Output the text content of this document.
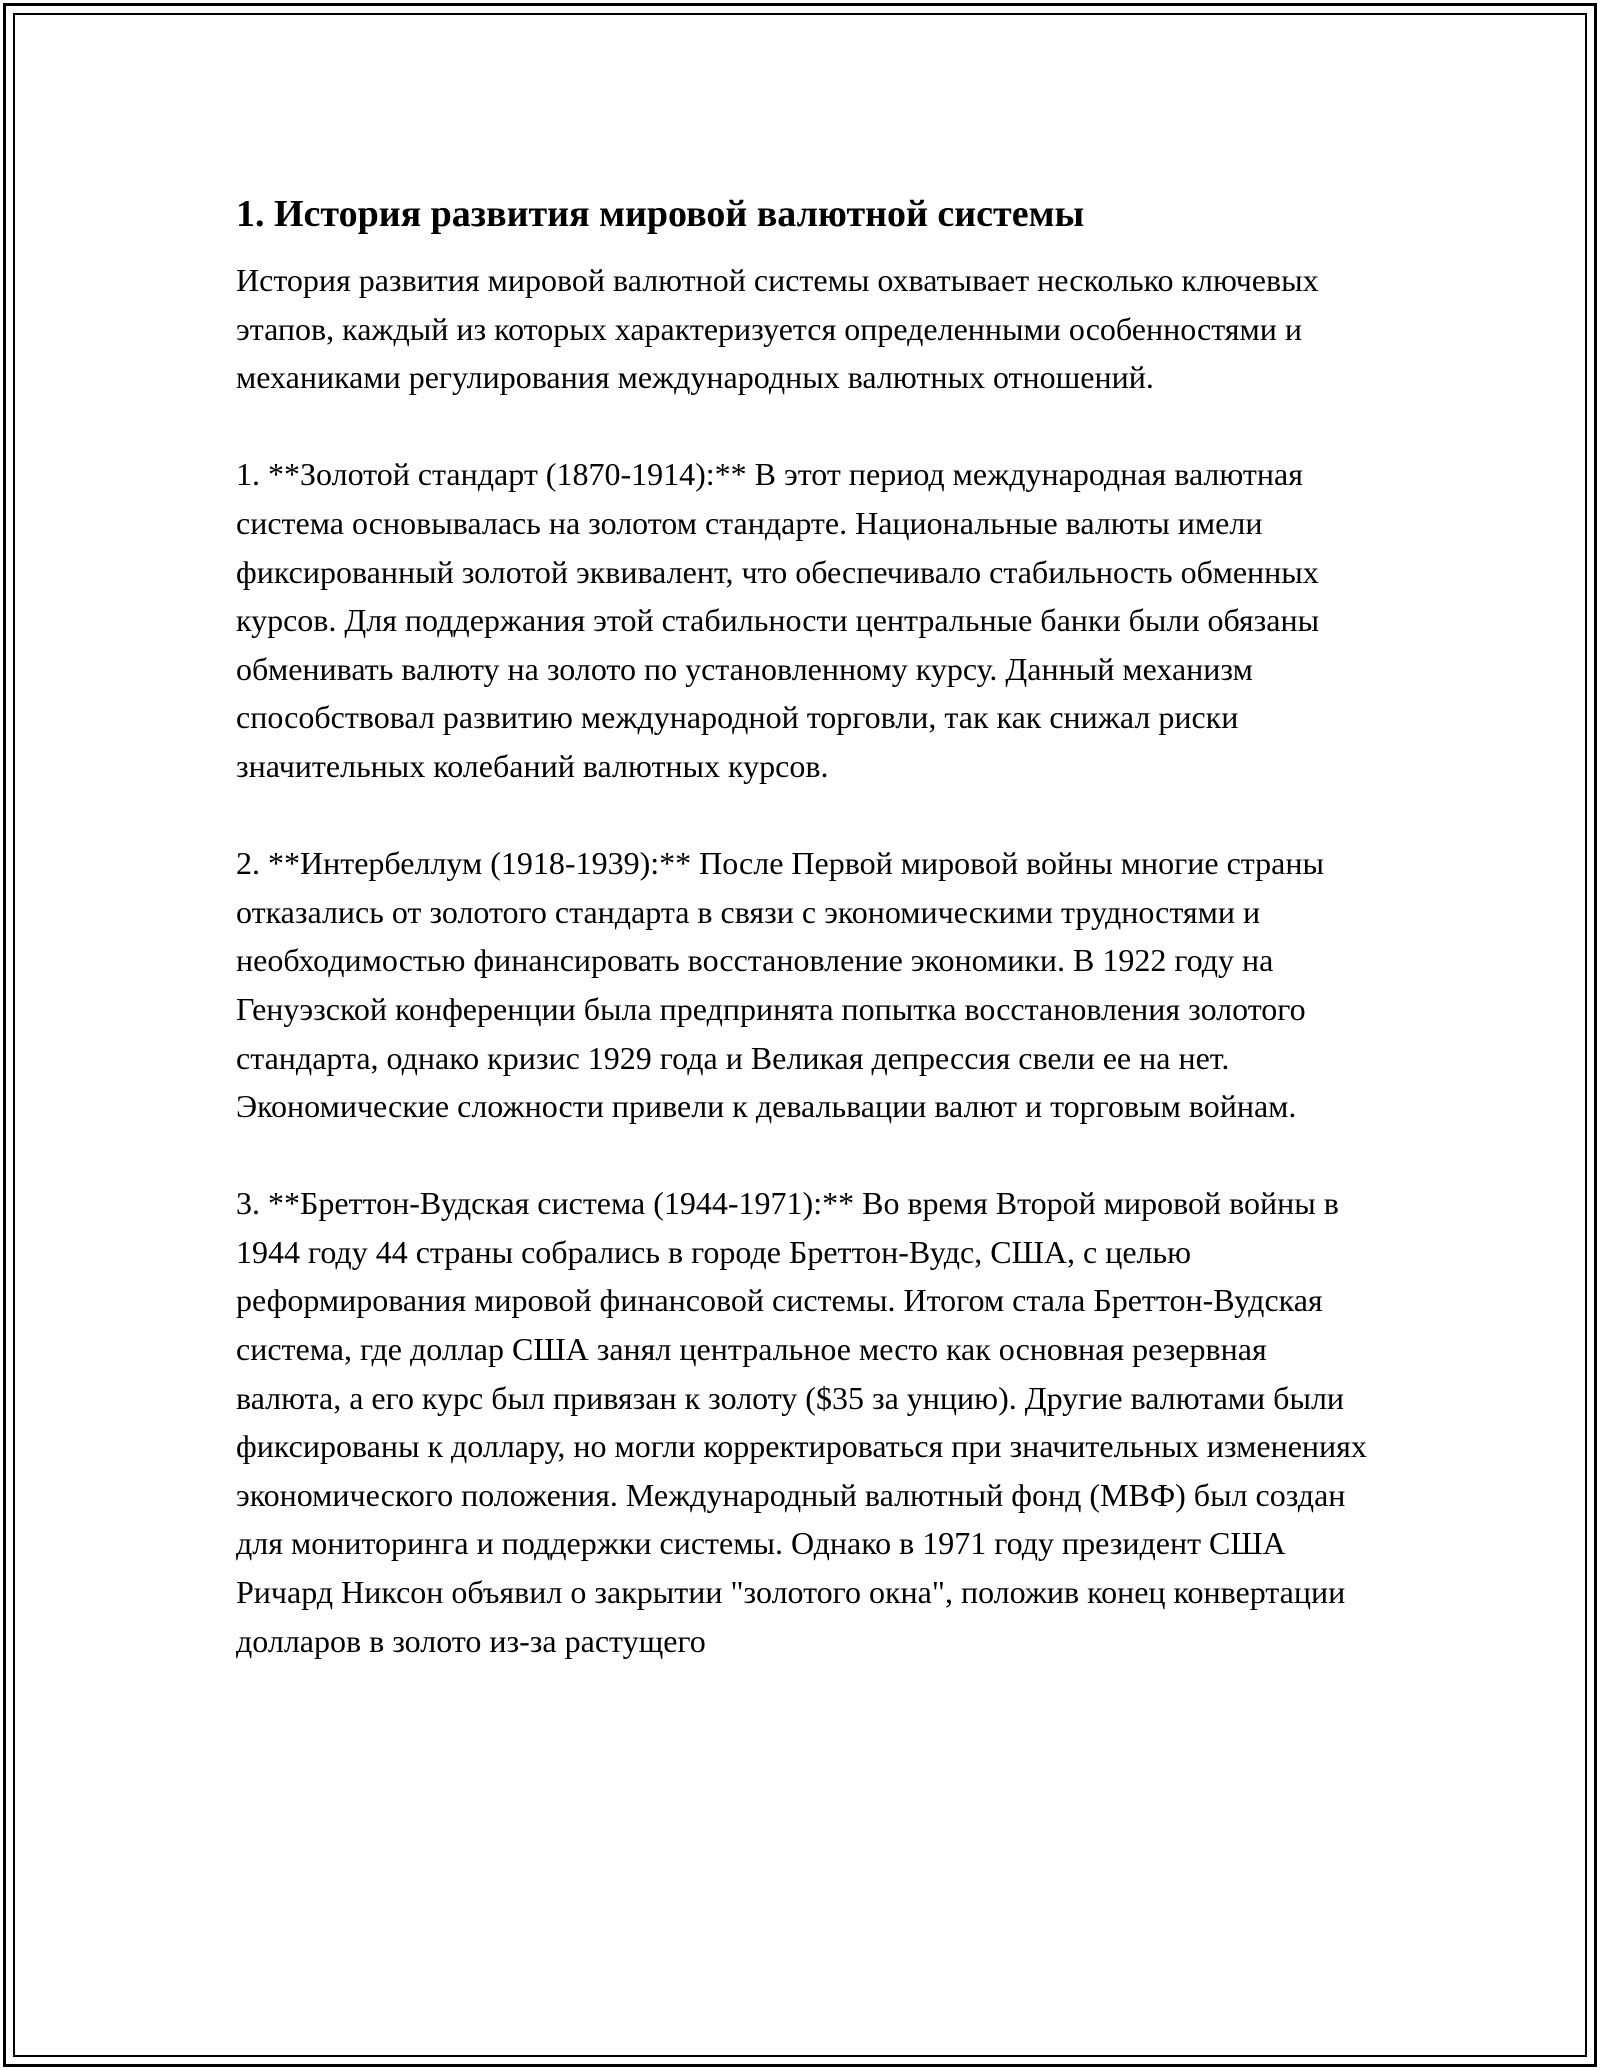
1. История развития мировой валютной системы

История развития мировой валютной системы охватывает несколько ключевых этапов, каждый из которых характеризуется определенными особенностями и механиками регулирования международных валютных отношений.

1. **Золотой стандарт (1870-1914):** В этот период международная валютная система основывалась на золотом стандарте. Национальные валюты имели фиксированный золотой эквивалент, что обеспечивало стабильность обменных курсов. Для поддержания этой стабильности центральные банки были обязаны обменивать валюту на золото по установленному курсу. Данный механизм способствовал развитию международной торговли, так как снижал риски значительных колебаний валютных курсов.

2. **Интербеллум (1918-1939):** После Первой мировой войны многие страны отказались от золотого стандарта в связи с экономическими трудностями и необходимостью финансировать восстановление экономики. В 1922 году на Генуэзской конференции была предпринята попытка восстановления золотого стандарта, однако кризис 1929 года и Великая депрессия свели ее на нет. Экономические сложности привели к девальвации валют и торговым войнам.

3. **Бреттон-Вудская система (1944-1971):** Во время Второй мировой войны в 1944 году 44 страны собрались в городе Бреттон-Вудс, США, с целью реформирования мировой финансовой системы. Итогом стала Бреттон-Вудская система, где доллар США занял центральное место как основная резервная валюта, а его курс был привязан к золоту ($35 за унцию). Другие валютами были фиксированы к доллару, но могли корректироваться при значительных изменениях экономического положения. Международный валютный фонд (МВФ) был создан для мониторинга и поддержки системы. Однако в 1971 году президент США Ричард Никсон объявил о закрытии "золотого окна", положив конец конвертации долларов в золото из-за растущего
